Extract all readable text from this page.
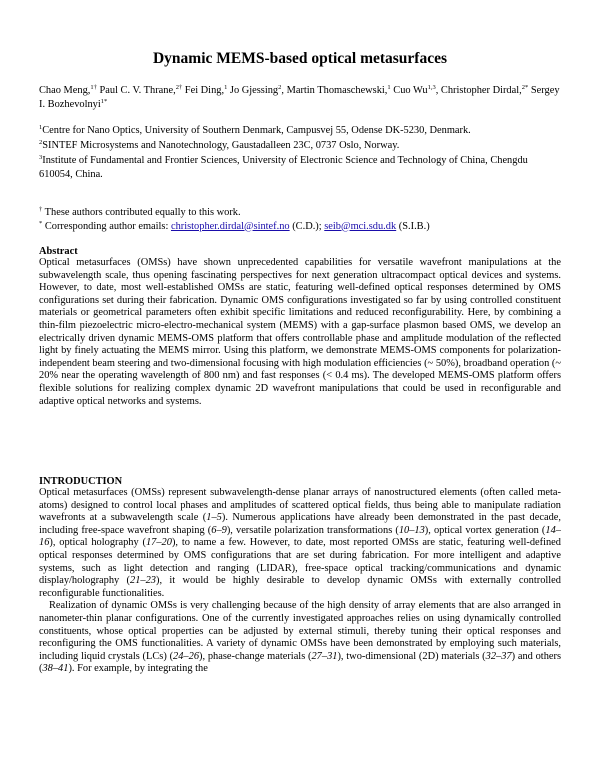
Dynamic MEMS-based optical metasurfaces
Chao Meng,$^{1\dagger}$ Paul C. V. Thrane,$^{2\dagger}$ Fei Ding,$^1$ Jo Gjessing$^2$, Martin Thomaschewski,$^1$ Cuo Wu$^{1,3}$, Christopher Dirdal,$^{2*}$ Sergey I. Bozhevolnyi$^{1*}$

$^1$Centre for Nano Optics, University of Southern Denmark, Campusvej 55, Odense DK-5230, Denmark.

$^2$SINTEF Microsystems and Nanotechnology, Gaustadalleen 23C, 0737 Oslo, Norway.

$^3$Institute of Fundamental and Frontier Sciences, University of Electronic Science and Technology of China, Chengdu 610054, China.

† These authors contributed equally to this work.
* Corresponding author emails: christopher.dirdal@sintef.no (C.D.); seib@mci.sdu.dk (S.I.B.)

Abstract

Optical metasurfaces (OMSs) have shown unprecedented capabilities for versatile wavefront manipulations at the subwavelength scale, thus opening fascinating perspectives for next generation ultracompact optical devices and systems. However, to date, most well-established OMSs are static, featuring well-defined optical responses determined by OMS configurations set during their fabrication. Dynamic OMS configurations investigated so far by using controlled constituent materials or geometrical parameters often exhibit specific limitations and reduced reconfigurability. Here, by combining a thin-film piezoelectric micro-electro-mechanical system (MEMS) with a gap-surface plasmon based OMS, we develop an electrically driven dynamic MEMS-OMS platform that offers controllable phase and amplitude modulation of the reflected light by finely actuating the MEMS mirror. Using this platform, we demonstrate MEMS-OMS components for polarization-independent beam steering and two-dimensional focusing with high modulation efficiencies (~ 50%), broadband operation (~ 20% near the operating wavelength of 800 nm) and fast responses (< 0.4 ms). The developed MEMS-OMS platform offers flexible solutions for realizing complex dynamic 2D wavefront manipulations that could be used in reconfigurable and adaptive optical networks and systems.

INTRODUCTION

Optical metasurfaces (OMSs) represent subwavelength-dense planar arrays of nanostructured elements (often called meta-atoms) designed to control local phases and amplitudes of scattered optical fields, thus being able to manipulate radiation wavefronts at a subwavelength scale (1–5). Numerous applications have already been demonstrated in the past decade, including free-space wavefront shaping (6–9), versatile polarization transformations (10–13), optical vortex generation (14–16), optical holography (17–20), to name a few. However, to date, most reported OMSs are static, featuring well-defined optical responses determined by OMS configurations that are set during fabrication. For more intelligent and adaptive systems, such as light detection and ranging (LIDAR), free-space optical tracking/communications and dynamic display/holography (21–23), it would be highly desirable to develop dynamic OMSs with externally controlled reconfigurable functionalities.

Realization of dynamic OMSs is very challenging because of the high density of array elements that are also arranged in nanometer-thin planar configurations. One of the currently investigated approaches relies on using dynamically controlled constituents, whose optical properties can be adjusted by external stimuli, thereby tuning their optical responses and reconfiguring the OMS functionalities. A variety of dynamic OMSs have been demonstrated by employing such materials, including liquid crystals (LCs) (24–26), phase-change materials (27–31), two-dimensional (2D) materials (32–37) and others (38–41). For example, by integrating the
